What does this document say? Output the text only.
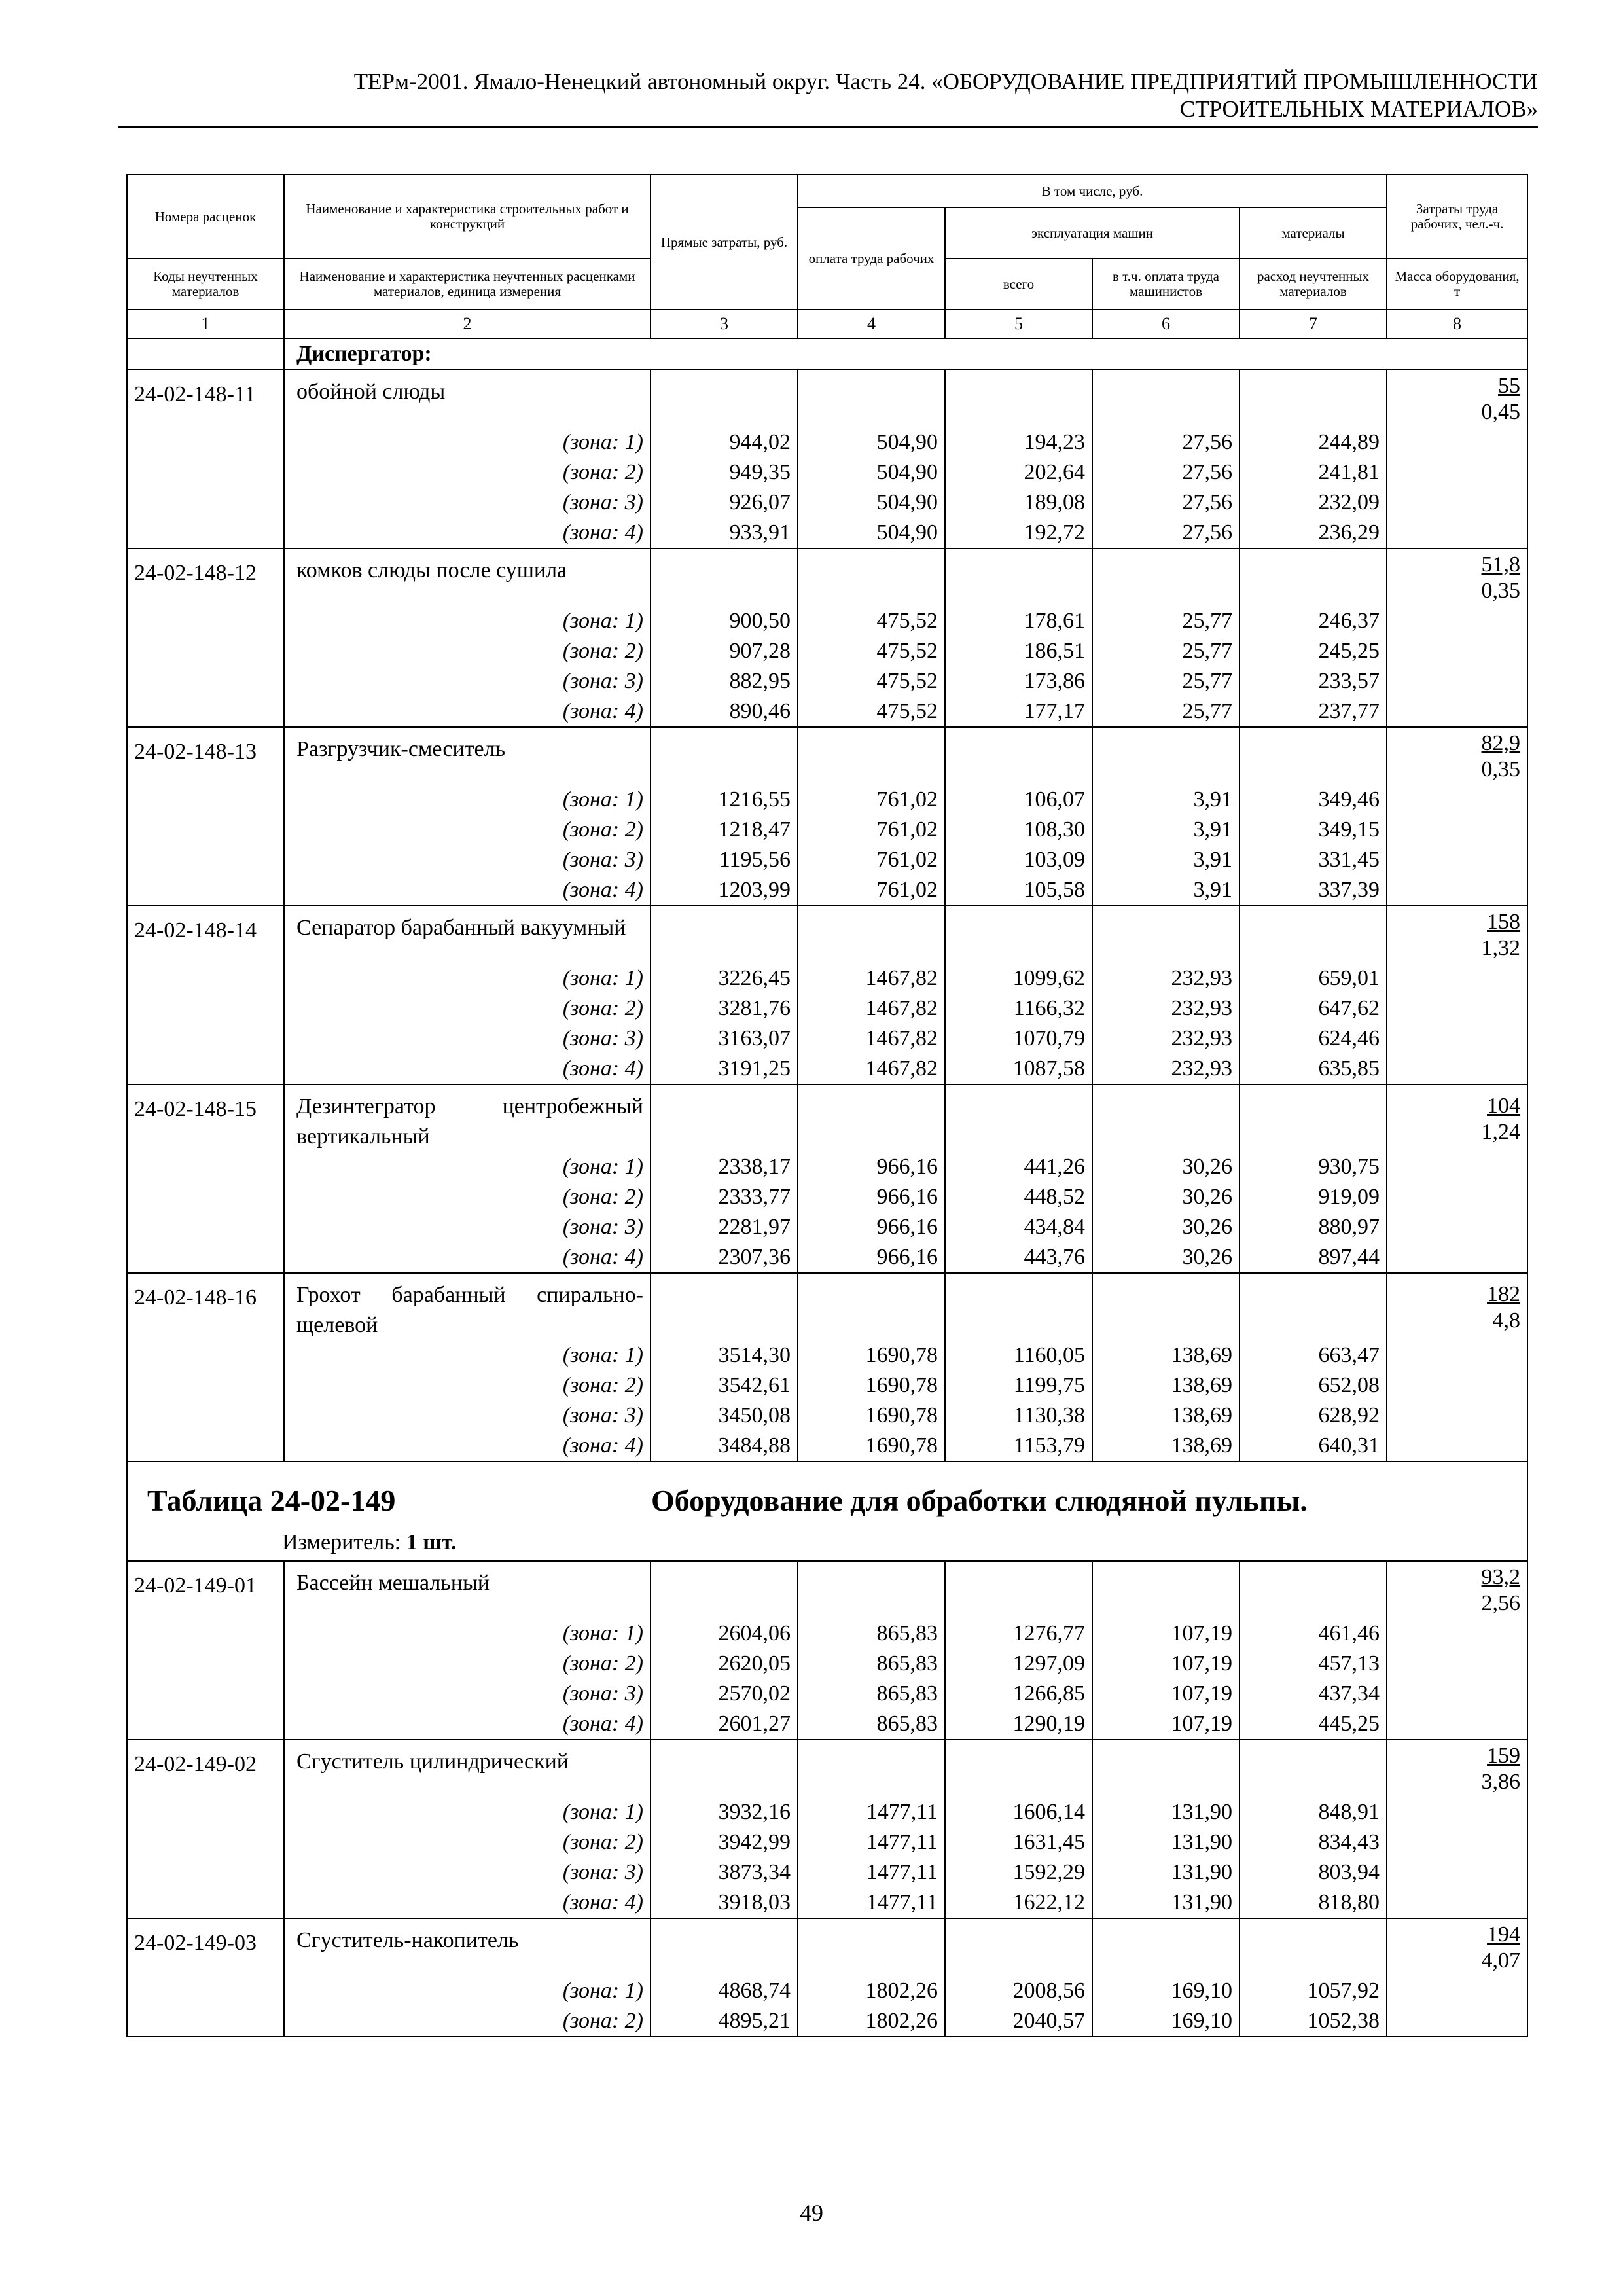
ТЕРм-2001. Ямало-Ненецкий автономный округ. Часть 24. «ОБОРУДОВАНИЕ ПРЕДПРИЯТИЙ ПРОМЫШЛЕННОСТИ
СТРОИТЕЛЬНЫХ МАТЕРИАЛОВ»
Номера расценок	Наименование и характеристика строительных работ и конструкций	Прямые затраты, руб.	В том числе, руб.				Затраты труда рабочих, чел.-ч.
			оплата труда рабочих	эксплуатация машин		материалы	
Коды неучтенных материалов	Наименование и характеристика неучтенных расценками материалов, единица измерения			всего	в т.ч. оплата труда машинистов	расход неучтенных материалов	Масса оборудования, т
1	2	3	4	5	6	7	8
	Диспергатор:						
24-02-148-11	обойной слюды						$\frac{55}{0,45}$

	(зона: 1)	944,02	504,90	194,23	27,56	244,89	
	(зона: 2)	949,35	504,90	202,64	27,56	241,81	
	(зона: 3)	926,07	504,90	189,08	27,56	232,09	
	(зона: 4)	933,91	504,90	192,72	27,56	236,29	
24-02-148-12	комков слюды после сушила						$\frac{51,8}{0,35}$

	(зона: 1)	900,50	475,52	178,61	25,77	246,37	
	(зона: 2)	907,28	475,52	186,51	25,77	245,25	
	(зона: 3)	882,95	475,52	173,86	25,77	233,57	
	(зона: 4)	890,46	475,52	177,17	25,77	237,77	
24-02-148-13	Разгрузчик-смеситель						$\frac{82,9}{0,35}$

	(зона: 1)	1216,55	761,02	106,07	3,91	349,46	
	(зона: 2)	1218,47	761,02	108,30	3,91	349,15	
	(зона: 3)	1195,56	761,02	103,09	3,91	331,45	
	(зона: 4)	1203,99	761,02	105,58	3,91	337,39	
24-02-148-14	Сепаратор барабанный вакуумный						$\frac{158}{1,32}$

	(зона: 1)	3226,45	1467,82	1099,62	232,93	659,01	
	(зона: 2)	3281,76	1467,82	1166,32	232,93	647,62	
	(зона: 3)	3163,07	1467,82	1070,79	232,93	624,46	
	(зона: 4)	3191,25	1467,82	1087,58	232,93	635,85	
24-02-148-15	Дезинтегратор центробежный вертикальный						$\frac{104}{1,24}$

	(зона: 1)	2338,17	966,16	441,26	30,26	930,75	
	(зона: 2)	2333,77	966,16	448,52	30,26	919,09	
	(зона: 3)	2281,97	966,16	434,84	30,26	880,97	
	(зона: 4)	2307,36	966,16	443,76	30,26	897,44	
24-02-148-16	Грохот барабанный спирально-щелевой						$\frac{182}{4,8}$

	(зона: 1)	3514,30	1690,78	1160,05	138,69	663,47	
	(зона: 2)	3542,61	1690,78	1199,75	138,69	652,08	
	(зона: 3)	3450,08	1690,78	1130,38	138,69	628,92	
	(зона: 4)	3484,88	1690,78	1153,79	138,69	640,31	

Таблица 24-02-149 Оборудование для обработки слюдяной пульпы.
Измеритель: 1 шт.							

24-02-149-01	Бассейн мешальный						$\frac{93,2}{2,56}$

	(зона: 1)	2604,06	865,83	1276,77	107,19	461,46	
	(зона: 2)	2620,05	865,83	1297,09	107,19	457,13	
	(зона: 3)	2570,02	865,83	1266,85	107,19	437,34	
	(зона: 4)	2601,27	865,83	1290,19	107,19	445,25	
24-02-149-02	Сгуститель цилиндрический						$\frac{159}{3,86}$

	(зона: 1)	3932,16	1477,11	1606,14	131,90	848,91	
	(зона: 2)	3942,99	1477,11	1631,45	131,90	834,43	
	(зона: 3)	3873,34	1477,11	1592,29	131,90	803,94	
	(зона: 4)	3918,03	1477,11	1622,12	131,90	818,80	
24-02-149-03	Сгуститель-накопитель						$\frac{194}{4,07}$

	(зона: 1)	4868,74	1802,26	2008,56	169,10	1057,92	
	(зона: 2)	4895,21	1802,26	2040,57	169,10	1052,38	
49
